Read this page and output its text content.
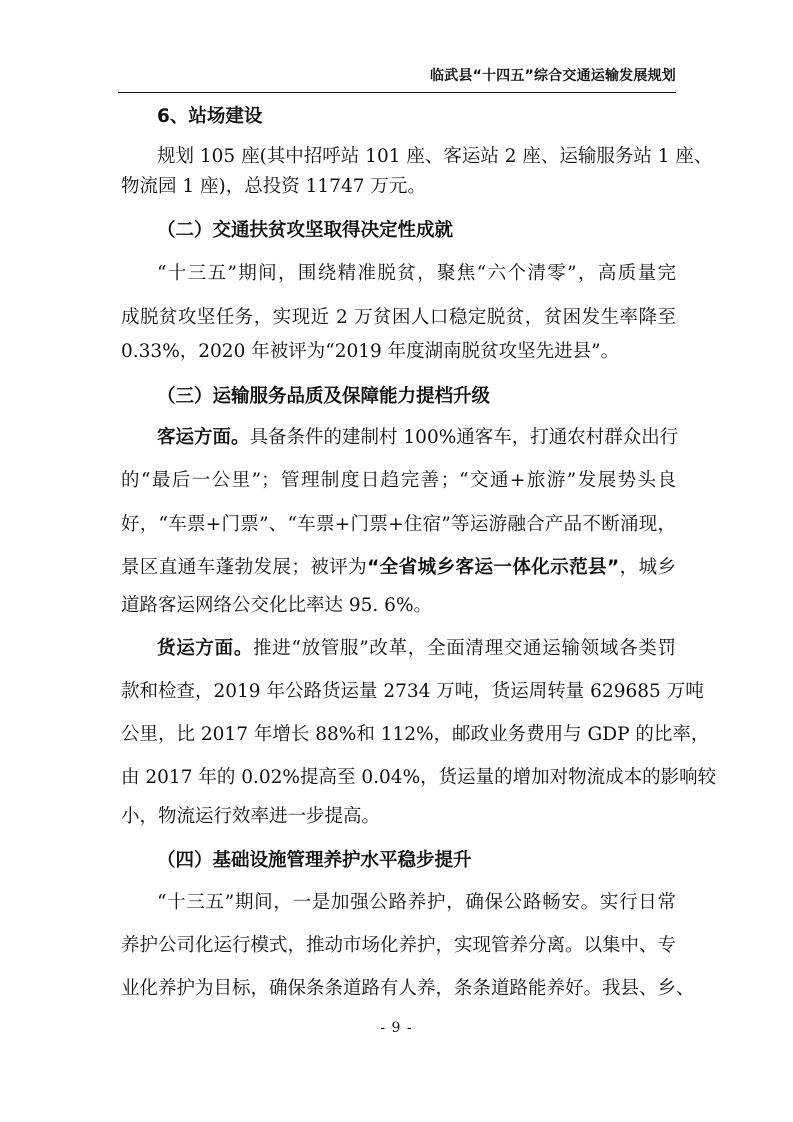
临武县“十四五”综合交通运输发展规划
6、站场建设
规划 105 座(其中招呼站 101 座、客运站 2 座、运输服务站 1 座、
物流园 1 座)，总投资 11747 万元。
（二）交通扶贫攻坚取得决定性成就
“十三五”期间，围绕精准脱贫，聚焦“六个清零”，高质量完
成脱贫攻坚任务，实现近 2 万贫困人口稳定脱贫，贫困发生率降至
0.33%，2020 年被评为“2019 年度湖南脱贫攻坚先进县”。
（三）运输服务品质及保障能力提档升级
客运方面。具备条件的建制村 100%通客车，打通农村群众出行
的“最后一公里”；管理制度日趋完善；“交通+旅游”发展势头良
好，“车票+门票”、“车票+门票+住宿”等运游融合产品不断涌现，
景区直通车蓬勃发展；被评为“全省城乡客运一体化示范县”，城乡
道路客运网络公交化比率达 95. 6%。
货运方面。推进“放管服”改革，全面清理交通运输领域各类罚
款和检查，2019 年公路货运量 2734 万吨，货运周转量 629685 万吨
公里，比 2017 年增长 88%和 112%，邮政业务费用与 GDP 的比率，
由 2017 年的 0.02%提高至 0.04%，货运量的增加对物流成本的影响较
小，物流运行效率进一步提高。
（四）基础设施管理养护水平稳步提升
“十三五”期间，一是加强公路养护，确保公路畅安。实行日常
养护公司化运行模式，推动市场化养护，实现管养分离。以集中、专
业化养护为目标，确保条条道路有人养，条条道路能养好。我县、乡、
- 9 -
